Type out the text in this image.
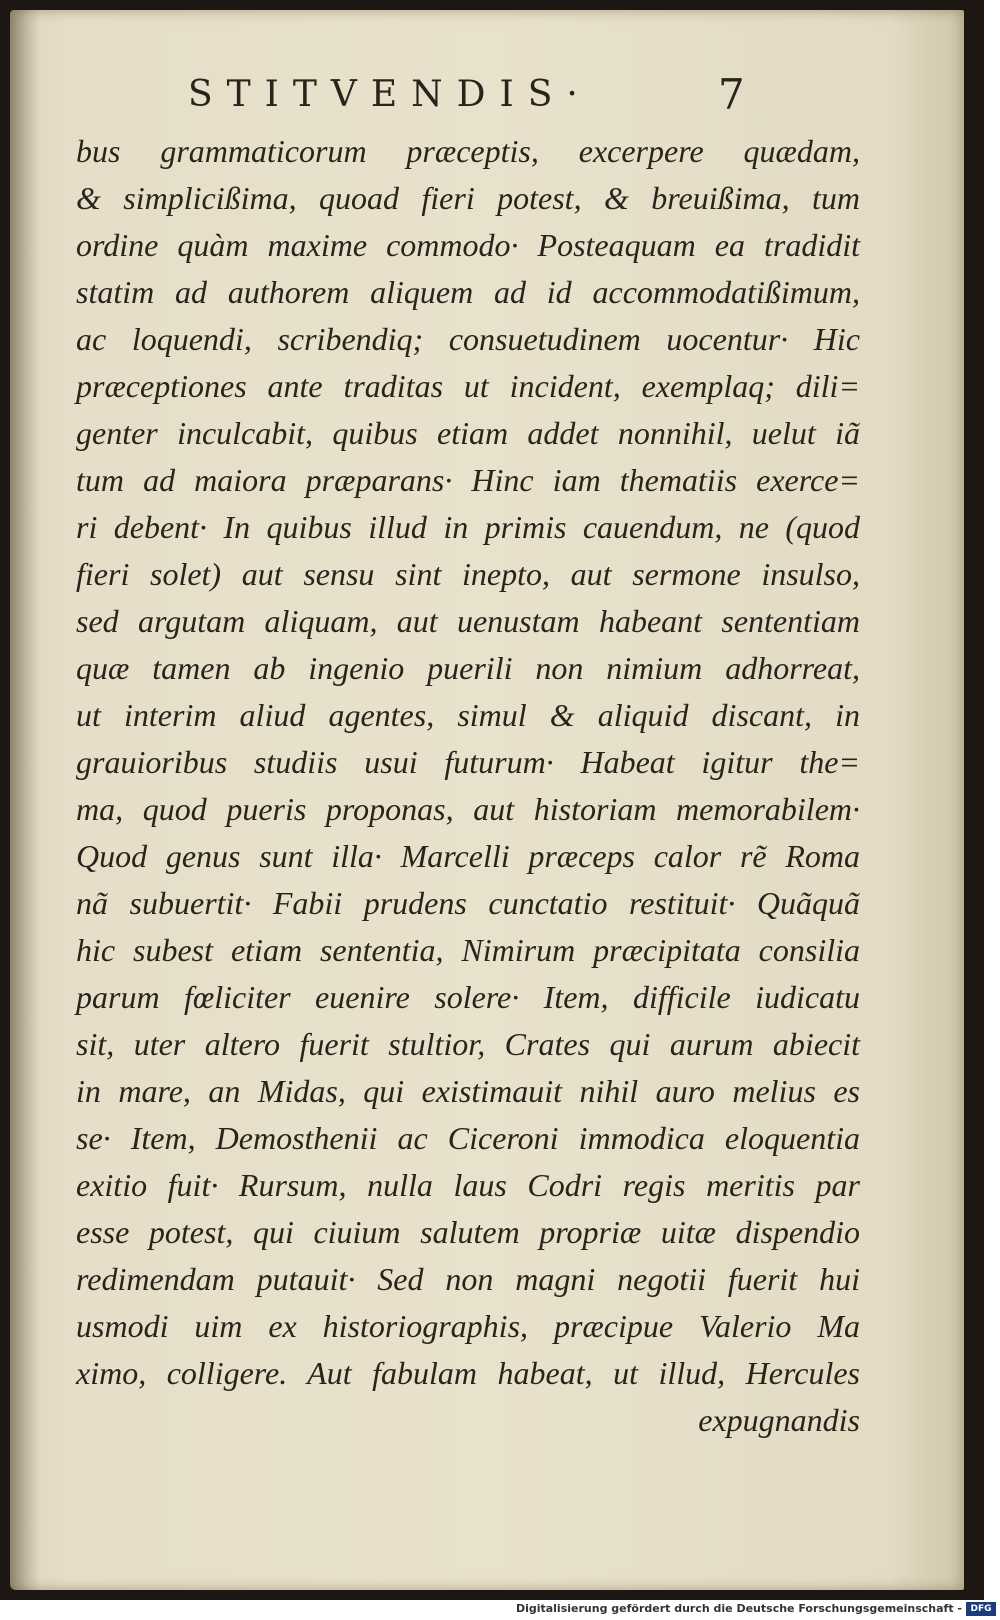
STITVENDIS·	7
bus grammaticorum præceptis, excerpere quædam,
& simplicißima, quoad fieri potest, & breuißima, tum
ordine quàm maxime commodo· Posteaquam ea tradidit
statim ad authorem aliquem ad id accommodatißimum,
ac loquendi, scribendiq; consuetudinem uocentur· Hic
præceptiones ante traditas ut incident, exemplaq; dili=
genter inculcabit, quibus etiam addet nonnihil, uelut iã
tum ad maiora præparans· Hinc iam thematiis exerce=
ri debent· In quibus illud in primis cauendum, ne (quod
fieri solet) aut sensu sint inepto, aut sermone insulso,
sed argutam aliquam, aut uenustam habeant sententiam
quæ tamen ab ingenio puerili non nimium adhorreat,
ut interim aliud agentes, simul & aliquid discant, in
grauioribus studiis usui futurum· Habeat igitur the=
ma, quod pueris proponas, aut historiam memorabilem·
Quod genus sunt illa· Marcelli præceps calor rẽ Roma
nã subuertit· Fabii prudens cunctatio restituit· Quãquã
hic subest etiam sententia, Nimirum præcipitata consilia
parum fœliciter euenire solere· Item, difficile iudicatu
sit, uter altero fuerit stultior, Crates qui aurum abiecit
in mare, an Midas, qui existimauit nihil auro melius es
se· Item, Demosthenii ac Ciceroni immodica eloquentia
exitio fuit· Rursum, nulla laus Codri regis meritis par
esse potest, qui ciuium salutem propriæ uitæ dispendio
redimendam putauit· Sed non magni negotii fuerit hui
usmodi uim ex historiographis, præcipue Valerio Ma
ximo, colligere. Aut fabulam habeat, ut illud, Hercules
expugnandis
Digitalisierung gefördert durch die Deutsche Forschungsgemeinschaft - DFG
